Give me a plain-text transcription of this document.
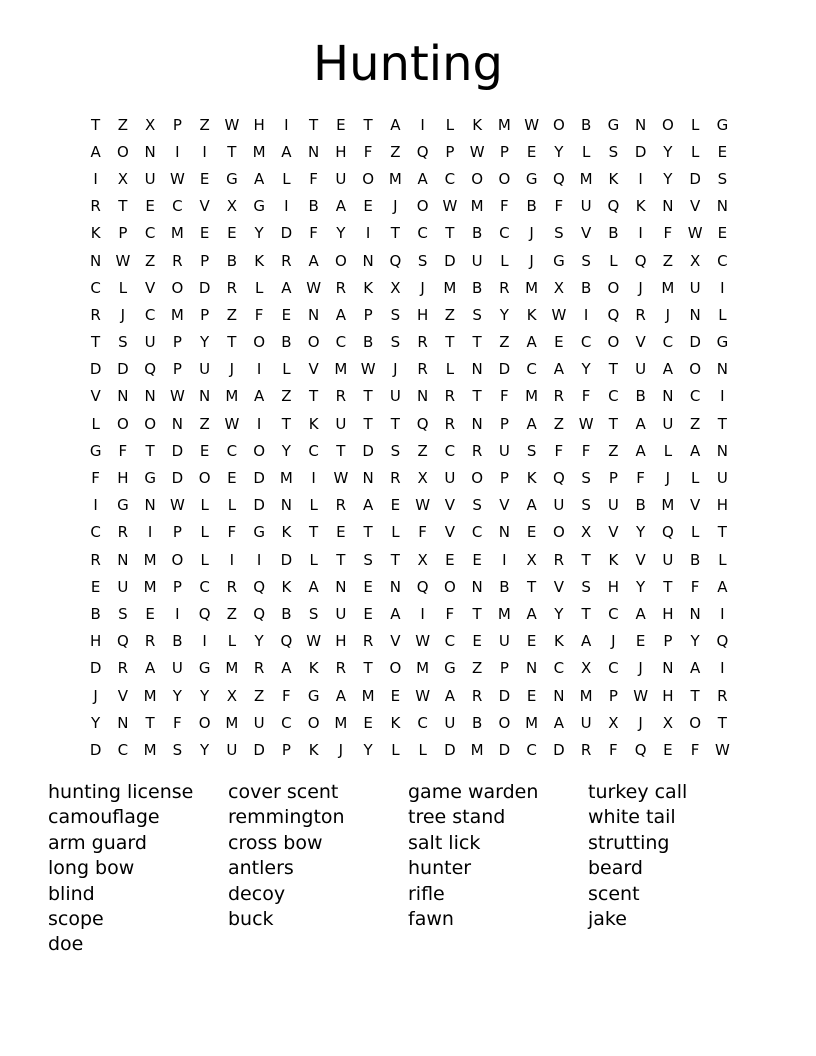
Hunting
T	Z	X	P	Z W H	I	T	E	T	A	I	L	K	M W O	B	G	N	O	L	G
A	O	N	I	I	T	M	A	N	H	F	Z	Q	P	W	P	E	Y	L	S	D	Y	L	E
I	X	U W	E	G	A	L	F	U	O M	A	C	O	O	G	Q M	K	I	Y	D	S
R	T	E	C	V	X	G	I	B	A	E	J	O W M	F	B	F	U	Q	K	N	V	N
K	P	C	M	E	E	Y	D	F	Y	I	T	C	T	B	C	J	S	V	B	I	F	W	E
N W Z	R	P	B	K	R	A	O	N	Q	S	D	U	L	J	G	S	L	Q	Z	X	C
C	L	V	O	D	R	L	A W R	K	X	J	M	B	R	M	X	B	O	J	M	U	I
R	J	C	M	P	Z	F	E	N	A	P	S	H	Z	S	Y	K W	I	Q	R	J	N	L
T	S	U	P	Y	T	O	B	O	C	B	S	R	T	T	Z	A	E	C	O	V	C	D	G
D	D	Q	P	U	J	I	L	V	M W	J	R	L	N	D	C	A	Y	T	U	A	O	N
V	N	N W N	M	A	Z	T	R	T	U	N	R	T	F	M	R	F	C	B	N	C	I
L	O	O	N	Z W	I	T	K	U	T	T	Q	R	N	P	A	Z W	T	A	U	Z	T
G	F	T	D	E	C	O	Y	C	T	D	S	Z	C	R	U	S	F	F	Z	A	L	A	N
F	H	G	D	O	E	D M	I	W N	R	X	U	O	P	K	Q	S	P	F	J	L	U
I	G	N W	L	L	D	N	L	R	A	E	W V	S	V	A	U	S	U	B	M	V	H
C	R	I	P	L	F	G	K	T	E	T	L	F	V	C	N	E	O	X	V	Y	Q	L	T
R	N	M O	L	I	I	D	L	T	S	T	X	E	E	I	X	R	T	K	V	U	B	L
E	U	M	P	C	R	Q	K	A	N	E	N	Q	O	N	B	T	V	S	H	Y	T	F	A
B	S	E	I	Q	Z	Q	B	S	U	E	A	I	F	T	M	A	Y	T	C	A	H	N	I
H	Q	R	B	I	L	Y	Q W H	R	V W C	E	U	E	K	A	J	E	P	Y	Q
D	R	A	U	G M	R	A	K	R	T	O M G	Z	P	N	C	X	C	J	N	A	I
J	V	M	Y	Y	X	Z	F	G	A	M	E	W A	R	D	E	N	M	P	W H	T	R
Y	N	T	F	O M	U	C	O M	E	K	C	U	B	O M	A	U	X	J	X	O	T
D	C	M	S	Y	U	D	P	K	J	Y	L	L	D M	D	C	D	R	F	Q	E	F	W
hunting license	cover scent	game warden	turkey call
camouflage	remmington	tree stand	white tail
arm guard	cross bow	salt lick	strutting
long bow	antlers	hunter	beard
blind	decoy	rifle	scent
scope	buck	fawn	jake
doe
